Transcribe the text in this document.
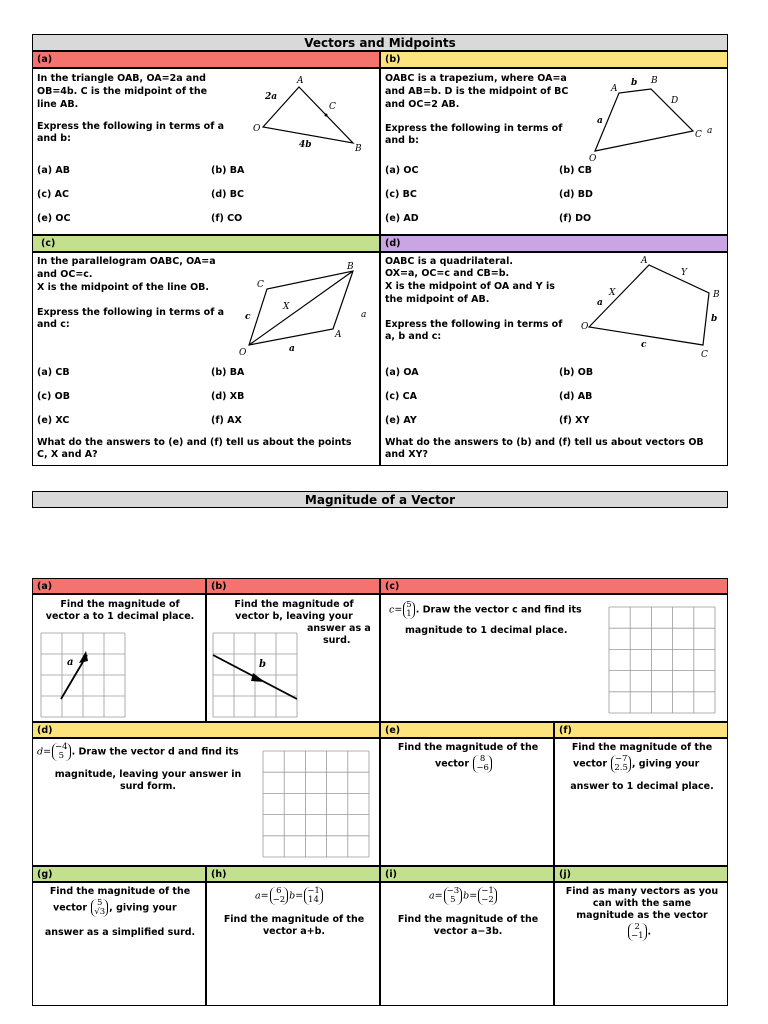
Vectors and Midpoints
(a)	(b)
In the triangle OAB, OA=2a and
OB=4b. C is the midpoint of the
line AB.
Express the following in terms of a
and b:
(a) AB	(b) BA
(c) AC	(d) BC
(e) OC	(f) CO
A
O
B
C
2a
4b
OABC is a trapezium, where OA=a
and AB=b. D is the midpoint of BC
and OC=2 AB.
Express the following in terms of
and b:
(a) OC	(b) CB
(c) BC	(d) BD
(e) AD	(f) DO
A
B
C
D
O
a
b
a
(c)	(d)
In the parallelogram OABC, OA=a
and OC=c.
X is the midpoint of the line OB.
Express the following in terms of a
and c:
(a) CB	(b) BA
(c) OB	(d) XB
(e) XC	(f) AX
What do the answers to (e) and (f) tell us about the points
C, X and A?
O
A
B
C
X
a
c	a
OABC is a quadrilateral.
OX=a, OC=c and CB=b.
X is the midpoint of OA and Y is
the midpoint of AB.
Express the following in terms of
a, b and c:
(a) OA	(b) OB
(c) CA	(d) AB
(e) AY	(f) XY
What do the answers to (b) and (f) tell us about vectors OB
and XY?
O
A
B
C
X
Y
a
b
c
Magnitude of a Vector
(a)	(b)	(c)
Find the magnitude of
vector a to 1 decimal place.
a
Find the magnitude of
vector b, leaving your
answer as a
surd.
b
c= 5
1 . Draw the vector c and find its
magnitude to 1 decimal place.
(d)	(e)	(f)
d= −4
5 . Draw the vector d and find its
magnitude, leaving your answer in
surd form.
Find the magnitude of the
vector	8
−6
Find the magnitude of the
vector −7
2.5 , giving your
answer to 1 decimal place.
(g)	(h)	(i)	(j)
Find the magnitude of the
vector	5
√3 , giving your
answer as a simplified surd.
a= 6
−2 b= −1
14
Find the magnitude of the
vector a+b.
a= −3
5 b= −1
−2
Find the magnitude of the
vector a−3b.
Find as many vectors as you
can with the same
magnitude as the vector
2
−1 .
